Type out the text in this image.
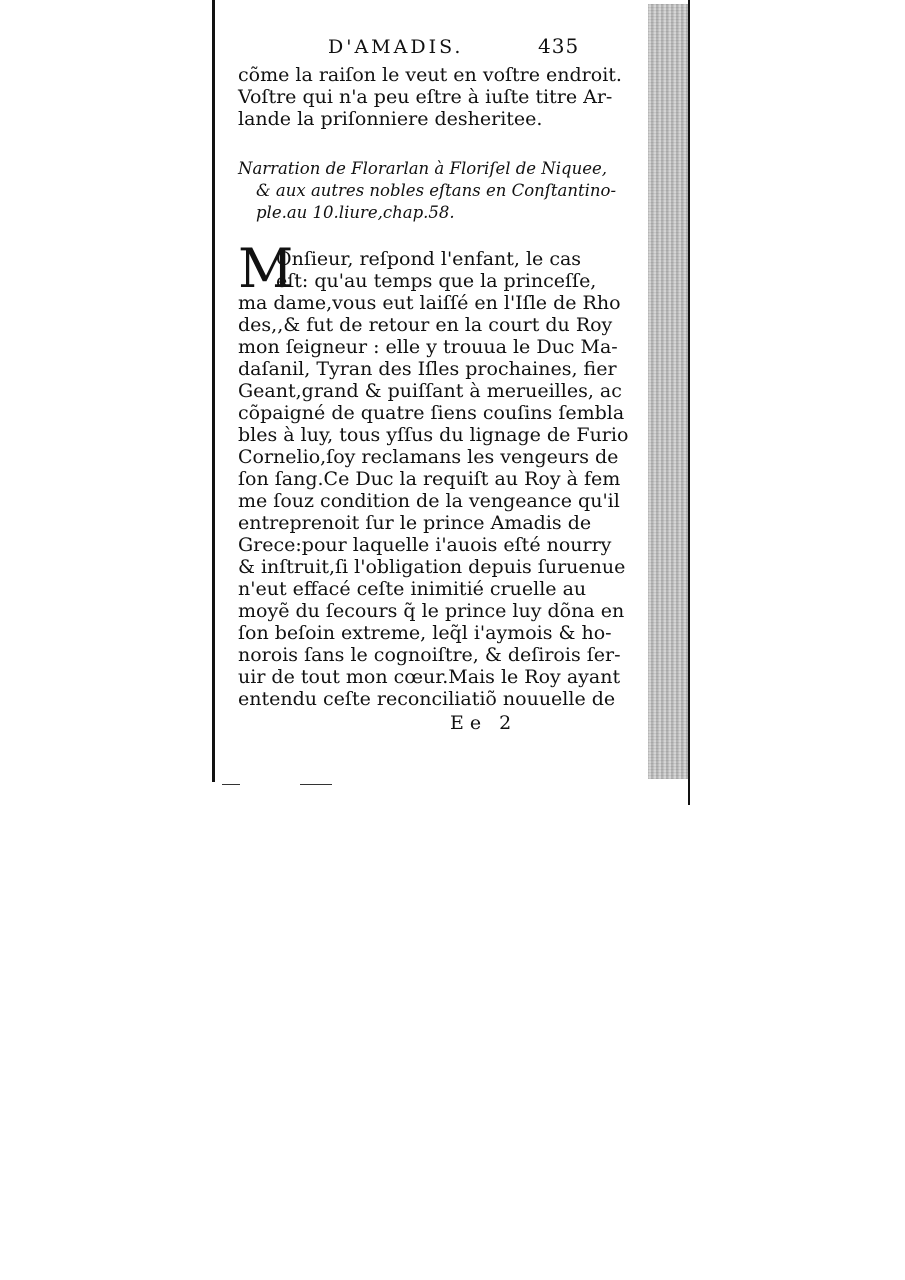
D'AMADIS.	435
cõme la raiſon le veut en voſtre endroit.
Voſtre qui n'a peu eſtre à iuſte titre Ar-
lande la priſonniere desheritee.
Narration de Florarlan à Floriſel de Niquee,
& aux autres nobles eſtans en Conſtantino-
ple.au 10.liure,chap.58.
M
Onſieur, reſpond l'enfant, le cas
eſt: qu'au temps que la princeſſe,
ma dame,vous eut laiſſé en l'Iſle de Rho
des,,& fut de retour en la court du Roy
mon ſeigneur : elle y trouua le Duc Ma-
daſanil, Tyran des Iſles prochaines, fier
Geant,grand & puiſſant à merueilles, ac
cõpaigné de quatre ſiens couſins ſembla
bles à luy, tous yſſus du lignage de Furio
Cornelio,ſoy reclamans les vengeurs de
ſon ſang.Ce Duc la requiſt au Roy à fem
me ſouz condition de la vengeance qu'il
entreprenoit ſur le prince Amadis de
Grece:pour laquelle i'auois eſté nourry
& inſtruit,ſi l'obligation depuis ſuruenue
n'eut effacé ceſte inimitié cruelle au
moyẽ du ſecours q̃ le prince luy dõna en
ſon beſoin extreme, leq̃l i'aymois & ho-
norois ſans le cognoiſtre, & deſirois ſer-
uir de tout mon cœur.Mais le Roy ayant
entendu ceſte reconciliatiõ nouuelle de
Ee 2
